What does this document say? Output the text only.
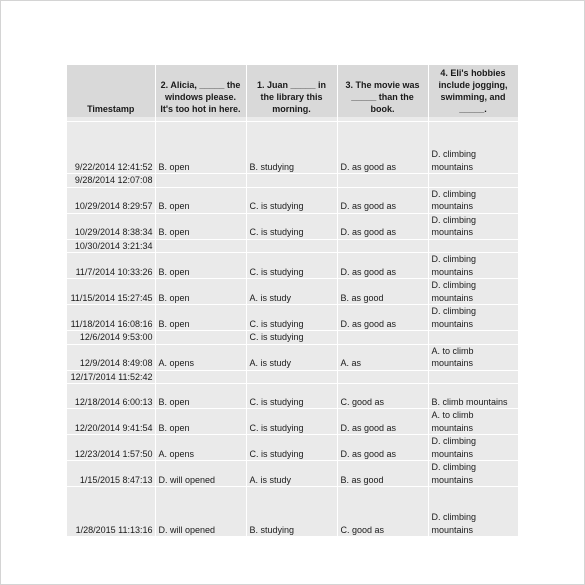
Timestamp	2. Alicia, _____ the windows please. It's too hot in here.	1. Juan _____ in the library this morning.	3. The movie was _____ than the book.	4. Eli's hobbies include jogging, swimming, and _____.

9/22/2014 12:41:52	B. open	B. studying	D. as good as	D. climbing mountains
9/28/2014 12:07:08				
10/29/2014 8:29:57	B. open	C. is studying	D. as good as	D. climbing mountains
10/29/2014 8:38:34	B. open	C. is studying	D. as good as	D. climbing mountains
10/30/2014 3:21:34				
11/7/2014 10:33:26	B. open	C. is studying	D. as good as	D. climbing mountains
11/15/2014 15:27:45	B. open	A. is study	B. as good	D. climbing mountains
11/18/2014 16:08:16	B. open	C. is studying	D. as good as	D. climbing mountains
12/6/2014 9:53:00		C. is studying		
12/9/2014 8:49:08	A. opens	A. is study	A. as	A. to climb mountains
12/17/2014 11:52:42				
12/18/2014 6:00:13	B. open	C. is studying	C. good as	B. climb mountains
12/20/2014 9:41:54	B. open	C. is studying	D. as good as	A. to climb mountains
12/23/2014 1:57:50	A. opens	C. is studying	D. as good as	D. climbing mountains
1/15/2015 8:47:13	D. will opened	A. is study	B. as good	D. climbing mountains
1/28/2015 11:13:16	D. will opened	B. studying	C. good as	D. climbing mountains
